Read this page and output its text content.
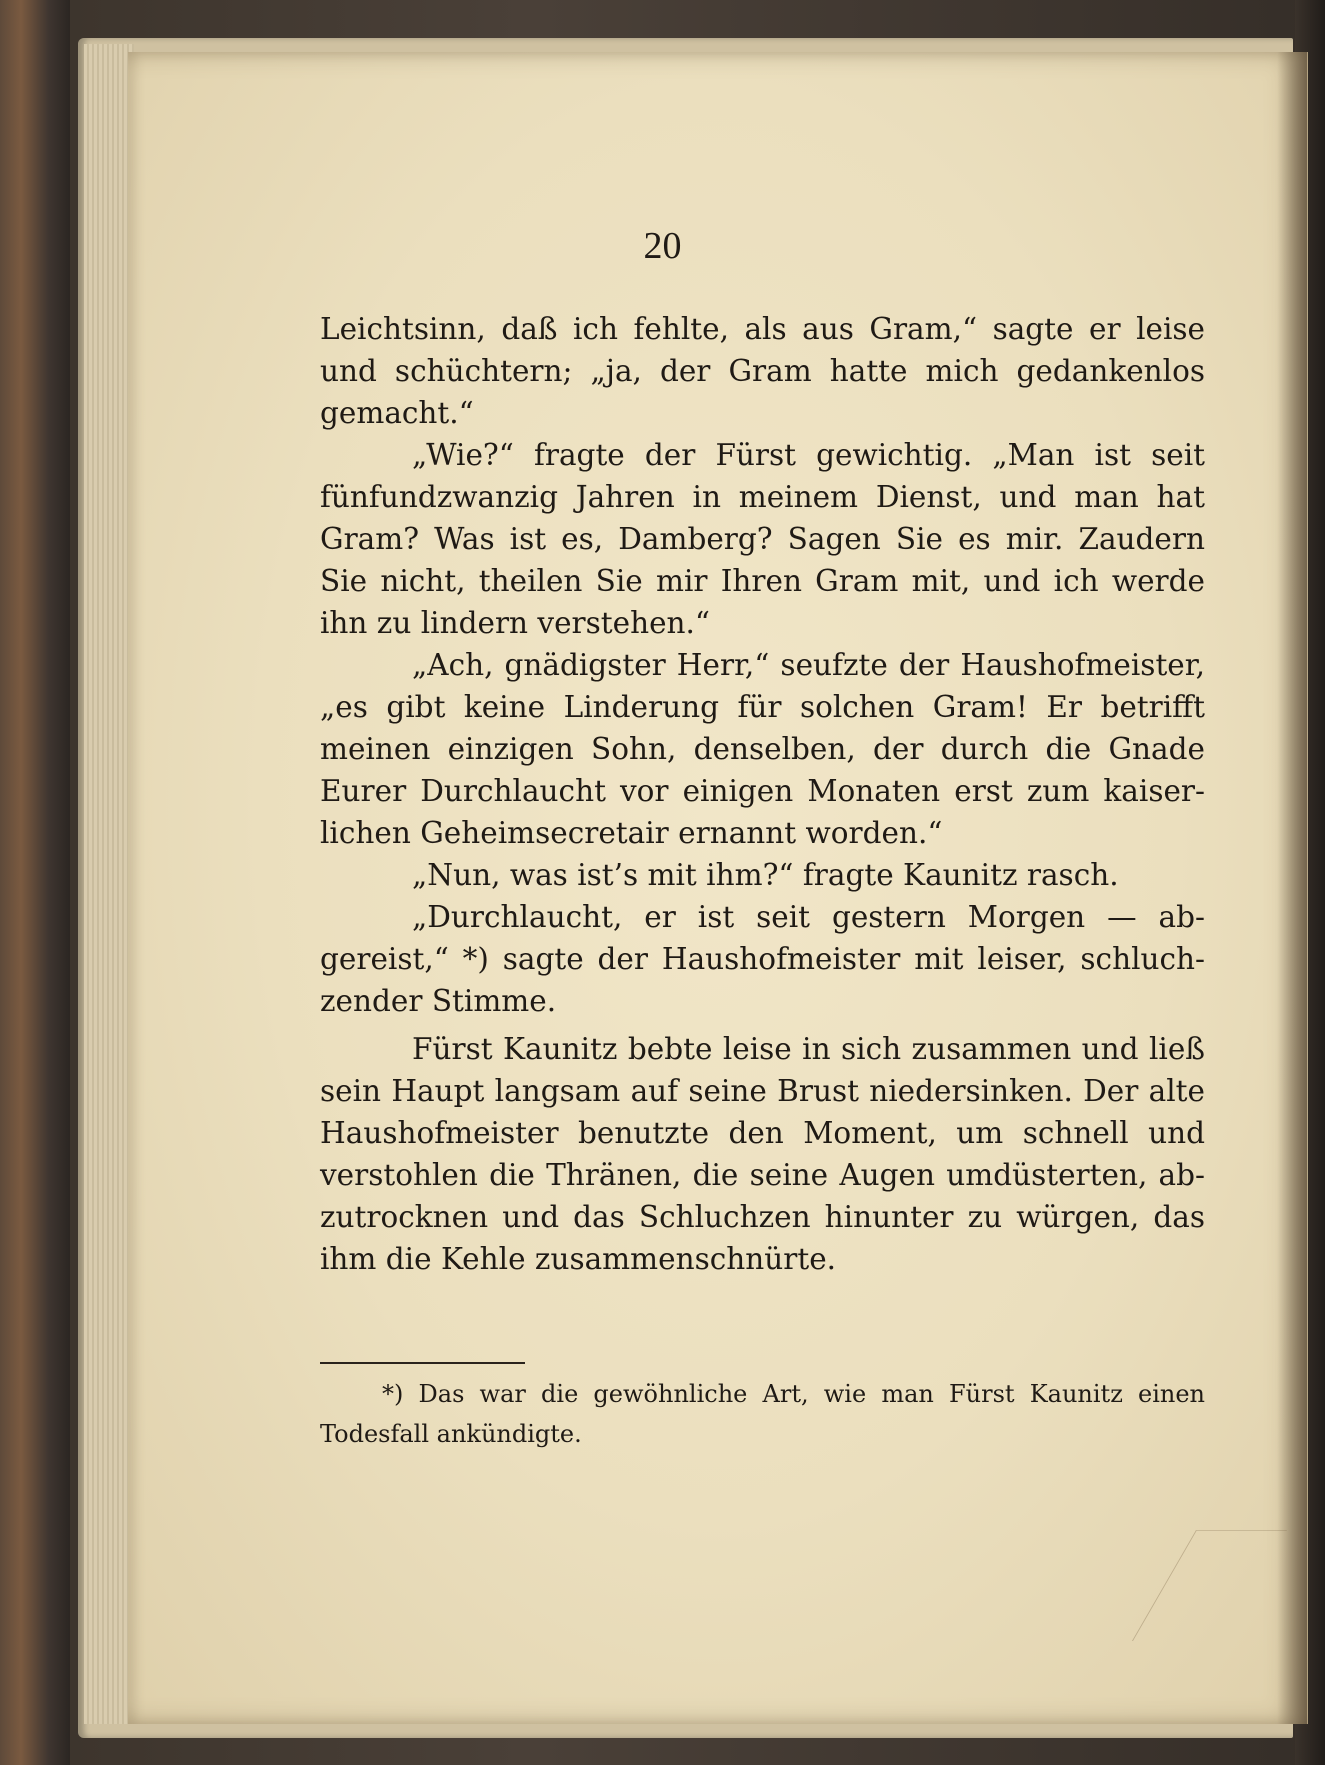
20

Leichtsinn, daß ich fehlte, als aus Gram,“ sagte er leise und schüchtern; „ja, der Gram hatte mich gedankenlos gemacht.“

„Wie?“ fragte der Fürst gewichtig. „Man ist seit fünfundzwanzig Jahren in meinem Dienst, und man hat Gram? Was ist es, Damberg? Sagen Sie es mir. Zaudern Sie nicht, theilen Sie mir Ihren Gram mit, und ich werde ihn zu lindern verstehen.“

„Ach, gnädigster Herr,“ seufzte der Haushofmeister, „es gibt keine Linderung für solchen Gram! Er betrifft meinen einzigen Sohn, denselben, der durch die Gnade Eurer Durchlaucht vor einigen Monaten erst zum kaiser-lichen Geheimsecretair ernannt worden.“

„Nun, was ist’s mit ihm?“ fragte Kaunitz rasch.

„Durchlaucht, er ist seit gestern Morgen — ab-gereist,“ *) sagte der Haushofmeister mit leiser, schluch-zender Stimme.

Fürst Kaunitz bebte leise in sich zusammen und ließ sein Haupt langsam auf seine Brust niedersinken. Der alte Haushofmeister benutzte den Moment, um schnell und verstohlen die Thränen, die seine Augen umdüsterten, ab-zutrocknen und das Schluchzen hinunter zu würgen, das ihm die Kehle zusammenschnürte.

*) Das war die gewöhnliche Art, wie man Fürst Kaunitz einen Todesfall ankündigte.
